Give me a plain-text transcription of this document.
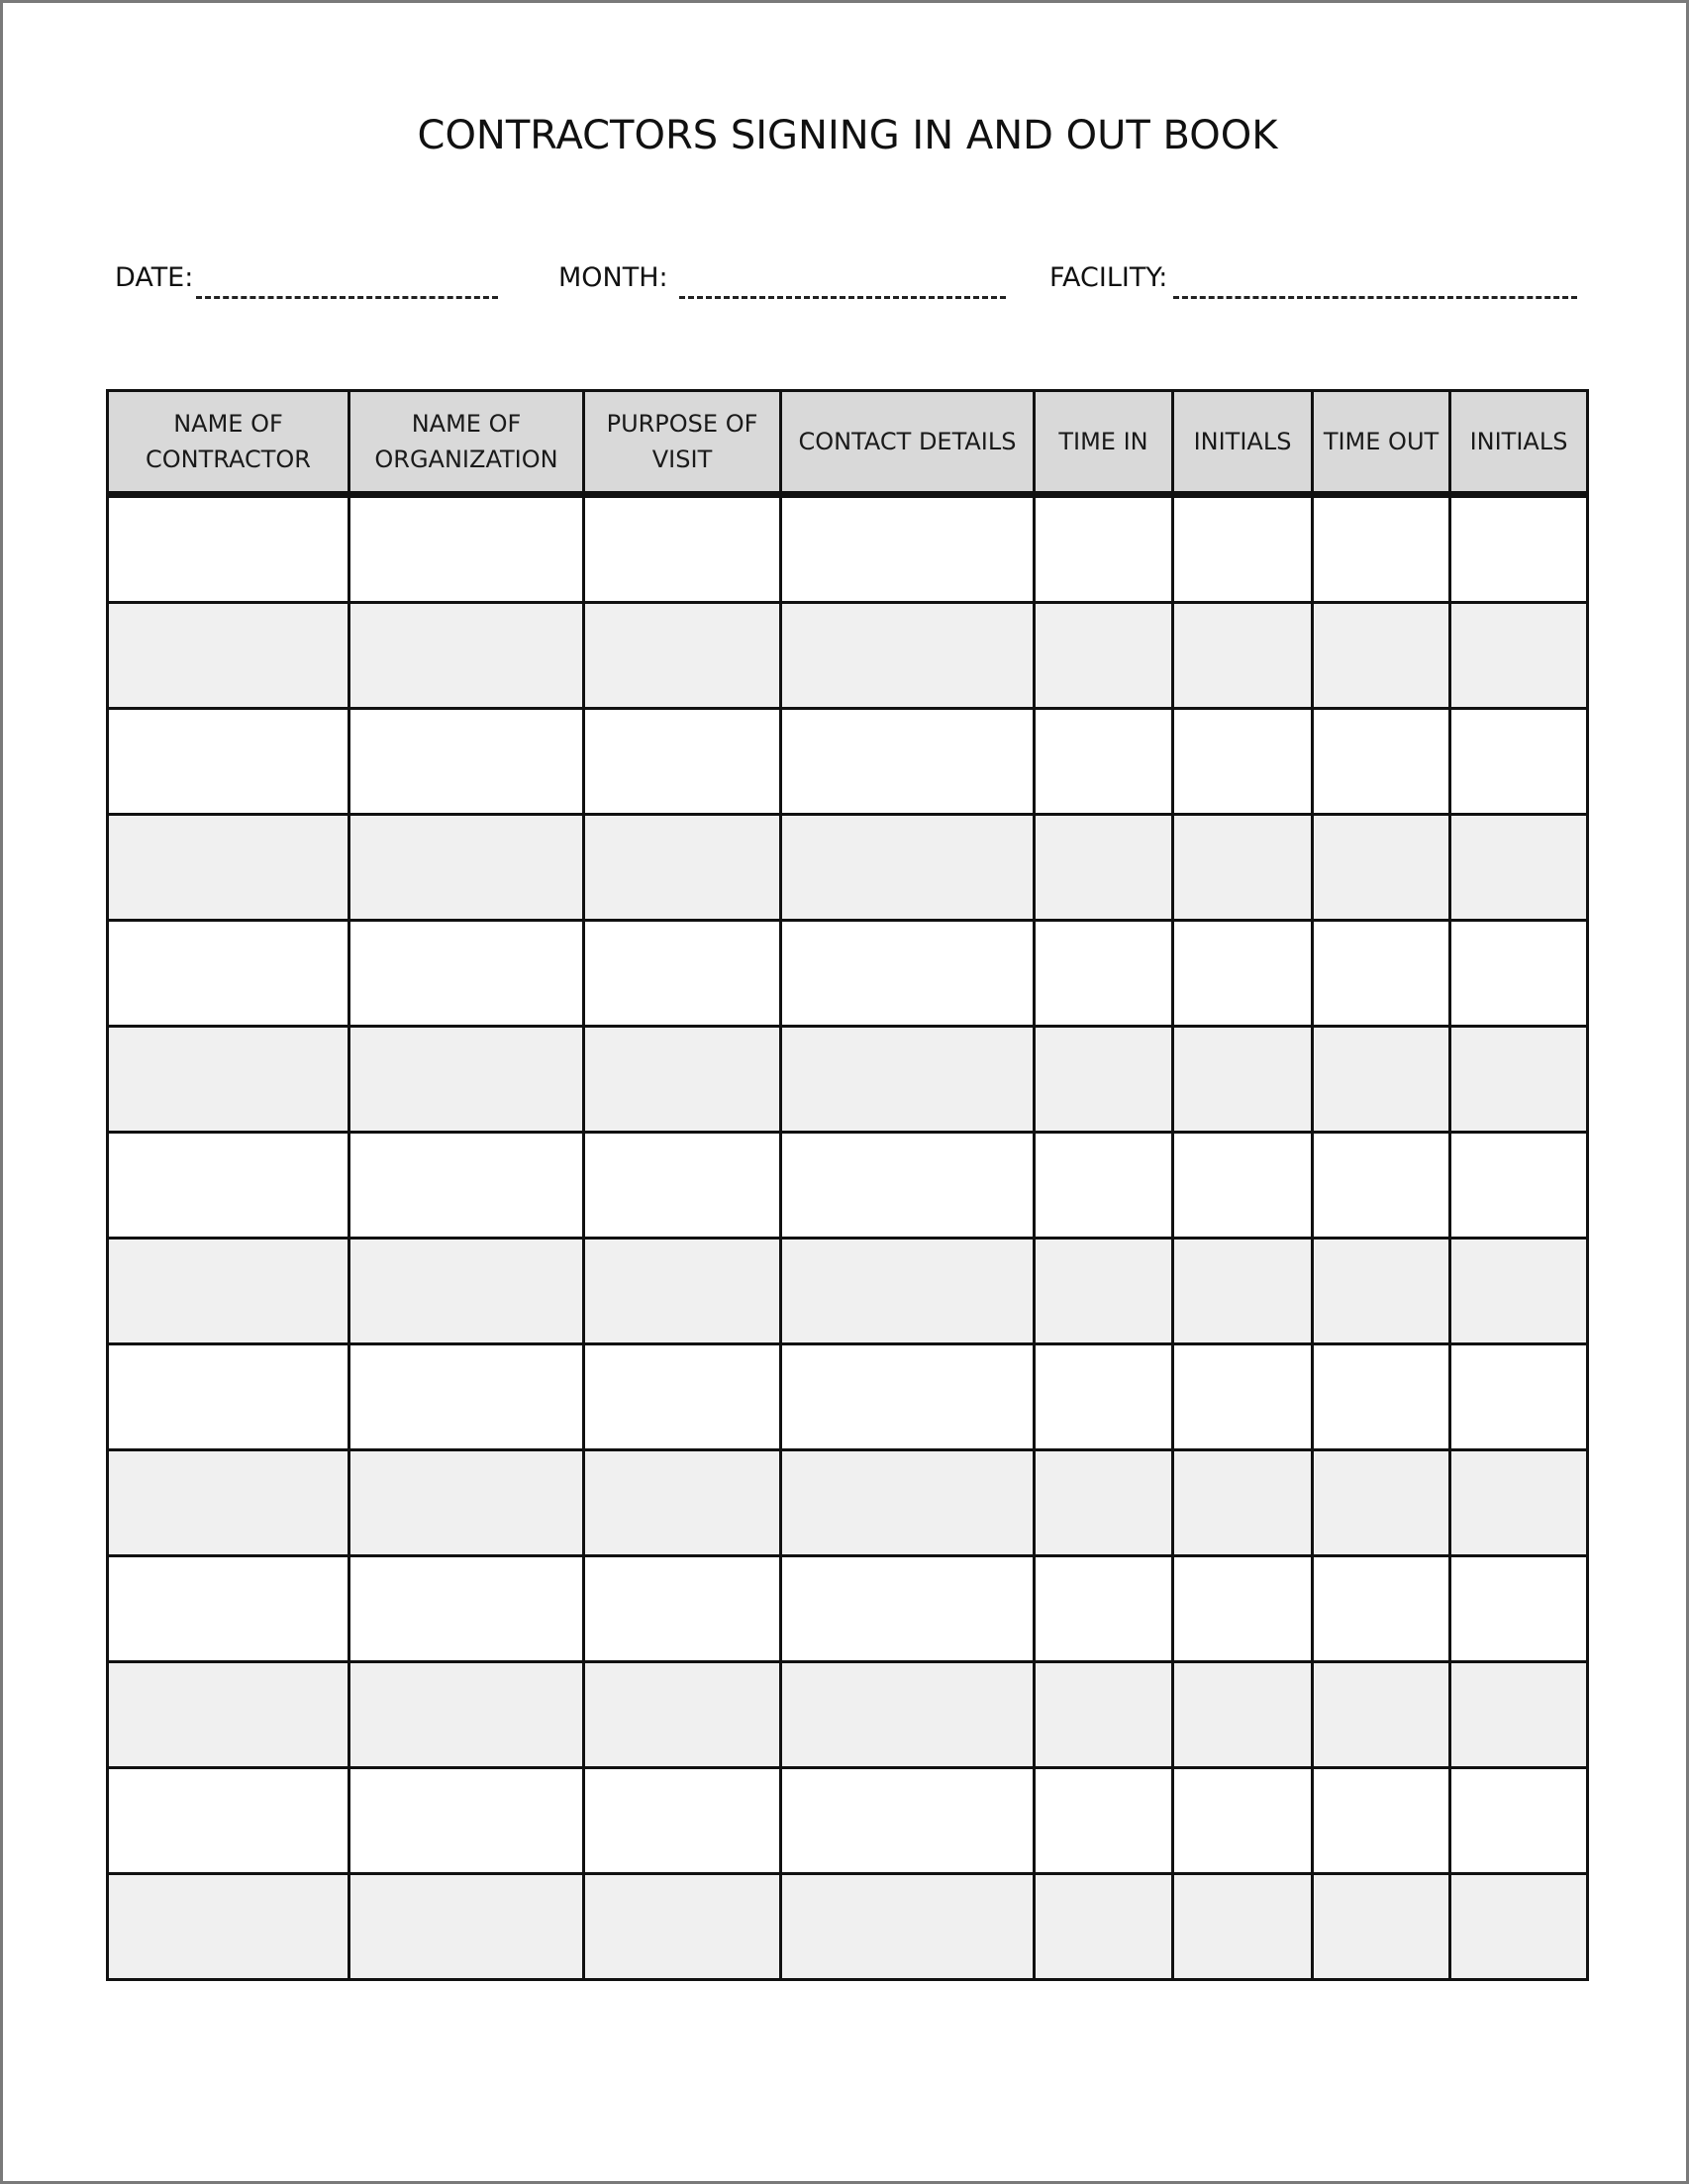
CONTRACTORS SIGNING IN AND OUT BOOK
DATE:	MONTH:	FACILITY:
NAME OF CONTRACTOR	NAME OF ORGANIZATION	PURPOSE OF VISIT	CONTACT DETAILS	TIME IN	INITIALS	TIME OUT	INITIALS
